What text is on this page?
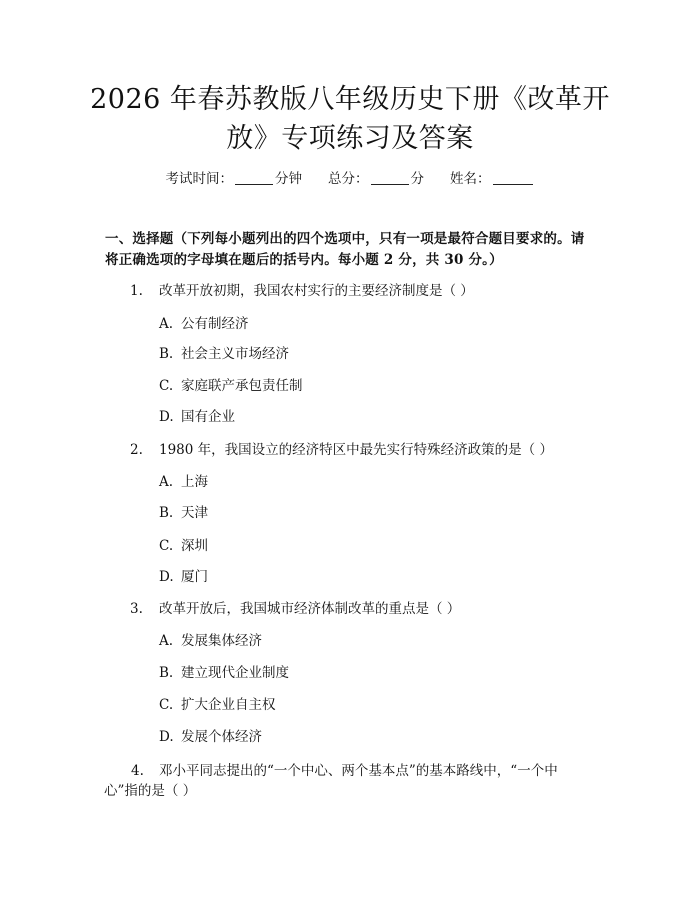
2026 年春苏教版八年级历史下册《改革开
放》专项练习及答案
考试时间：	分钟 总分：	分 姓名：
一、选择题（下列每小题列出的四个选项中，只有一项是最符合题目要求的。请
将正确选项的字母填在题后的括号内。每小题 2 分，共 30 分。）
1. 改革开放初期，我国农村实行的主要经济制度是（ ）
A. 公有制经济
B. 社会主义市场经济
C. 家庭联产承包责任制
D. 国有企业
2. 1980 年，我国设立的经济特区中最先实行特殊经济政策的是（ ）
A. 上海
B. 天津
C. 深圳
D. 厦门
3. 改革开放后，我国城市经济体制改革的重点是（ ）
A. 发展集体经济
B. 建立现代企业制度
C. 扩大企业自主权
D. 发展个体经济
4. 邓小平同志提出的“一个中心、两个基本点”的基本路线中，“一个中
心”指的是（ ）
